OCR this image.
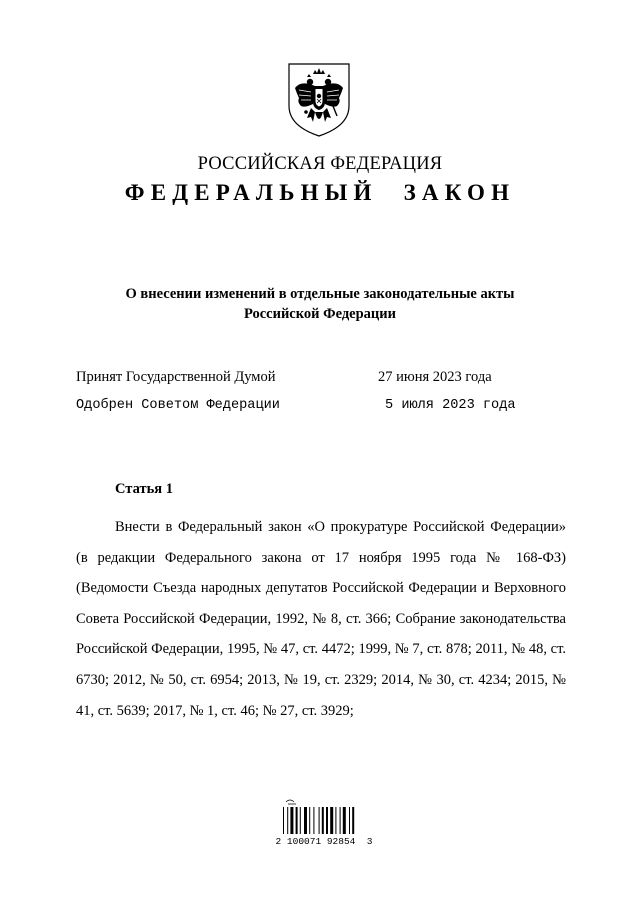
РОССИЙСКАЯ ФЕДЕРАЦИЯ
ФЕДЕРАЛЬНЫЙ ЗАКОН
О внесении изменений в отдельные законодательные акты
Российской Федерации
Принят Государственной Думой	27 июня 2023 года
Одобрен Советом Федерации	5 июля 2023 года
Статья 1
Внести в Федеральный закон «О прокуратуре Российской Федерации» (в редакции Федерального закона от 17 ноября 1995 года № 168-ФЗ) (Ведомости Съезда народных депутатов Российской Федерации и Верховного Совета Российской Федерации, 1992, № 8, ст. 366; Собрание законодательства Российской Федерации, 1995, № 47, ст. 4472; 1999, № 7, ст. 878; 2011, № 48, ст. 6730; 2012, № 50, ст. 6954; 2013, № 19, ст. 2329; 2014, № 30, ст. 4234; 2015, № 41, ст. 5639; 2017, № 1, ст. 46; № 27, ст. 3929;
2 100071 92854  3
